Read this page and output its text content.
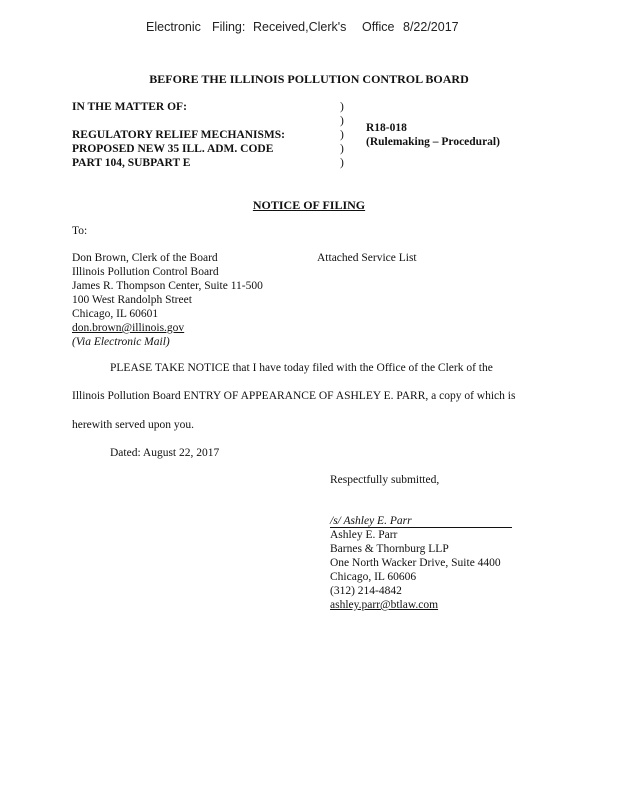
Electronic Filing: Received,Clerk's Office 8/22/2017
BEFORE THE ILLINOIS POLLUTION CONTROL BOARD
IN THE MATTER OF:
REGULATORY RELIEF MECHANISMS:
PROPOSED NEW 35 ILL. ADM. CODE
PART 104, SUBPART E
)
)
)
)
)
R18-018
(Rulemaking – Procedural)
NOTICE OF FILING
To:
Don Brown, Clerk of the Board
Illinois Pollution Control Board
James R. Thompson Center, Suite 11-500
100 West Randolph Street
Chicago, IL 60601
don.brown@illinois.gov
(Via Electronic Mail)
Attached Service List
PLEASE TAKE NOTICE that I have today filed with the Office of the Clerk of the
Illinois Pollution Board ENTRY OF APPEARANCE OF ASHLEY E. PARR, a copy of which is
herewith served upon you.
Dated: August 22, 2017
Respectfully submitted,
/s/ Ashley E. Parr
Ashley E. Parr
Barnes & Thornburg LLP
One North Wacker Drive, Suite 4400
Chicago, IL 60606
(312) 214-4842
ashley.parr@btlaw.com
